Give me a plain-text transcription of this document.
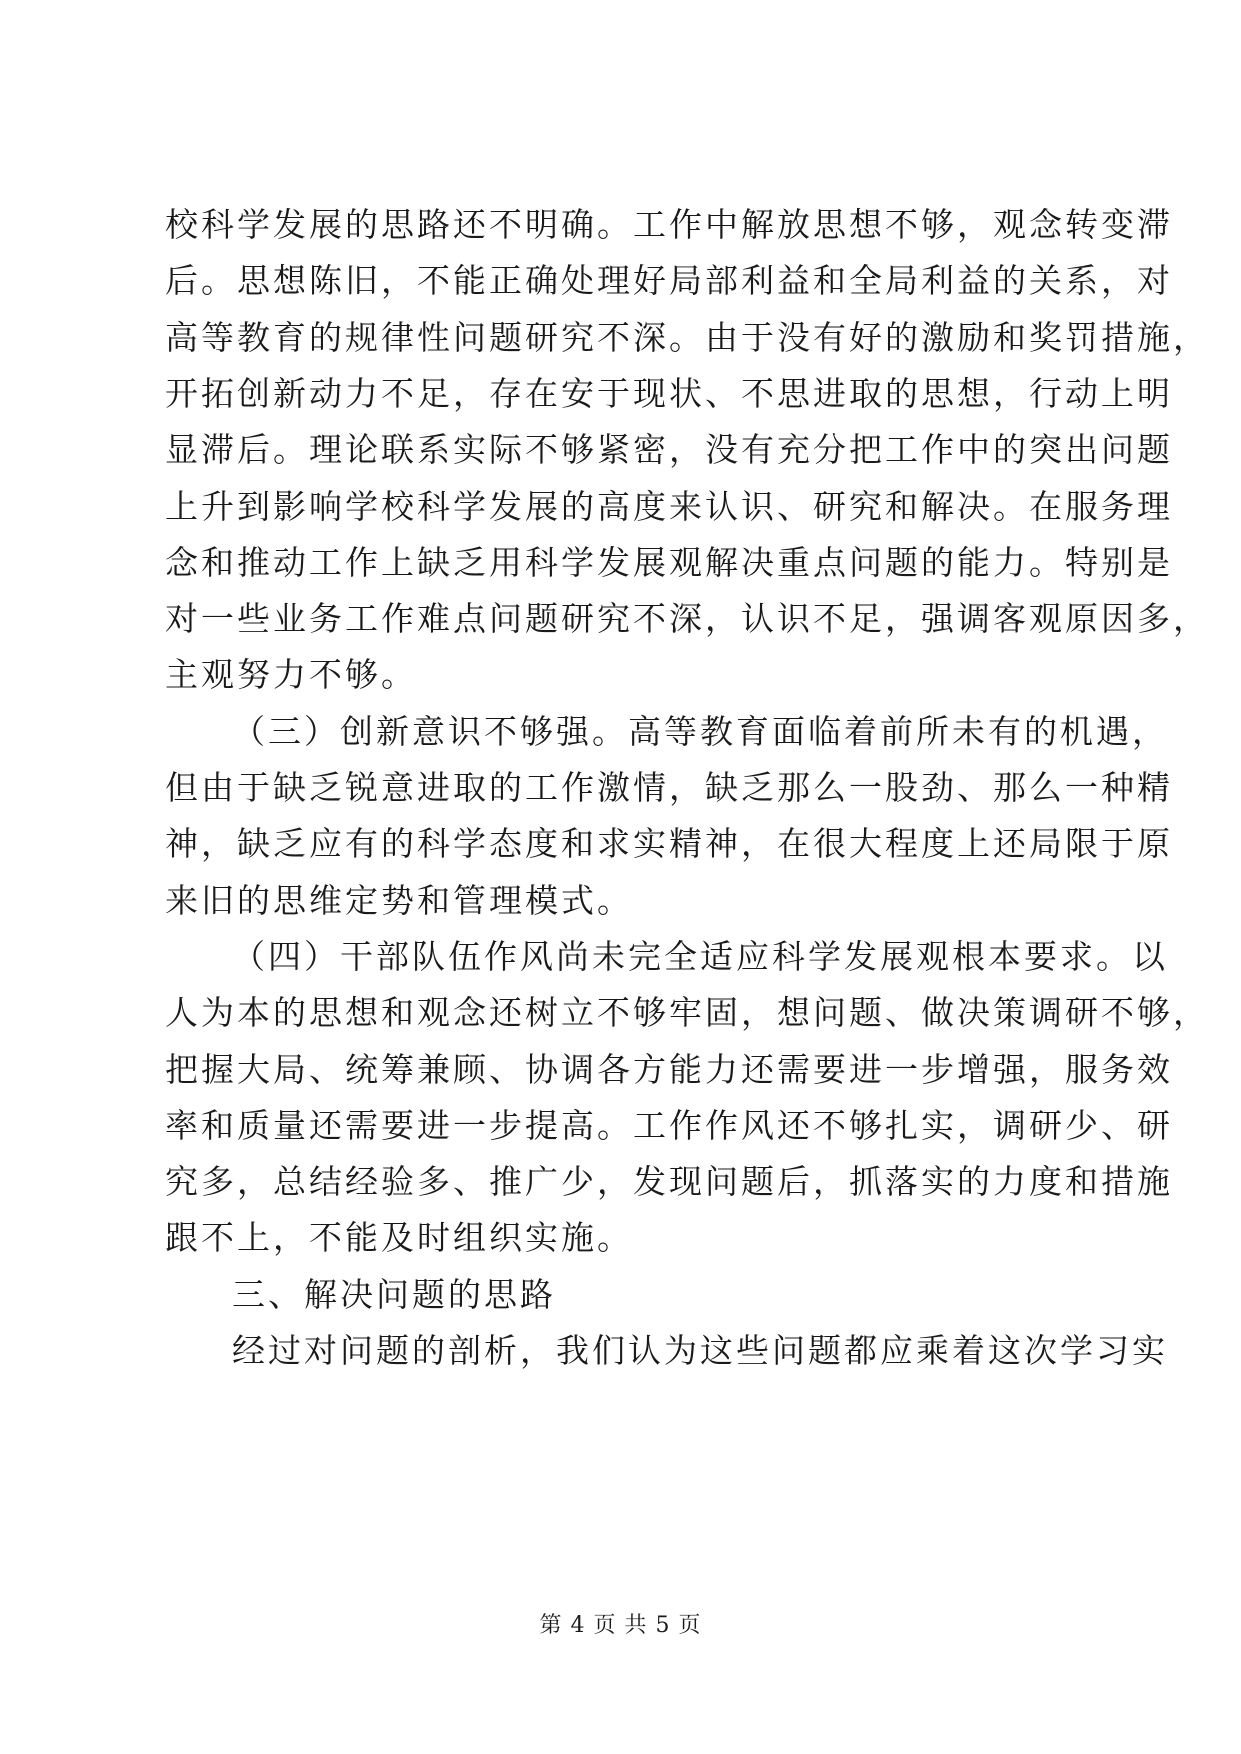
校科学发展的思路还不明确。工作中解放思想不够，观念转变滞
后。思想陈旧，不能正确处理好局部利益和全局利益的关系，对
高等教育的规律性问题研究不深。由于没有好的激励和奖罚措施，
开拓创新动力不足，存在安于现状、不思进取的思想，行动上明
显滞后。理论联系实际不够紧密，没有充分把工作中的突出问题
上升到影响学校科学发展的高度来认识、研究和解决。在服务理
念和推动工作上缺乏用科学发展观解决重点问题的能力。特别是
对一些业务工作难点问题研究不深，认识不足，强调客观原因多，
主观努力不够。
（三）创新意识不够强。高等教育面临着前所未有的机遇，
但由于缺乏锐意进取的工作激情，缺乏那么一股劲、那么一种精
神，缺乏应有的科学态度和求实精神，在很大程度上还局限于原
来旧的思维定势和管理模式。
（四）干部队伍作风尚未完全适应科学发展观根本要求。以
人为本的思想和观念还树立不够牢固，想问题、做决策调研不够，
把握大局、统筹兼顾、协调各方能力还需要进一步增强，服务效
率和质量还需要进一步提高。工作作风还不够扎实，调研少、研
究多，总结经验多、推广少，发现问题后，抓落实的力度和措施
跟不上，不能及时组织实施。
三、解决问题的思路
经过对问题的剖析，我们认为这些问题都应乘着这次学习实
第 4 页 共 5 页
